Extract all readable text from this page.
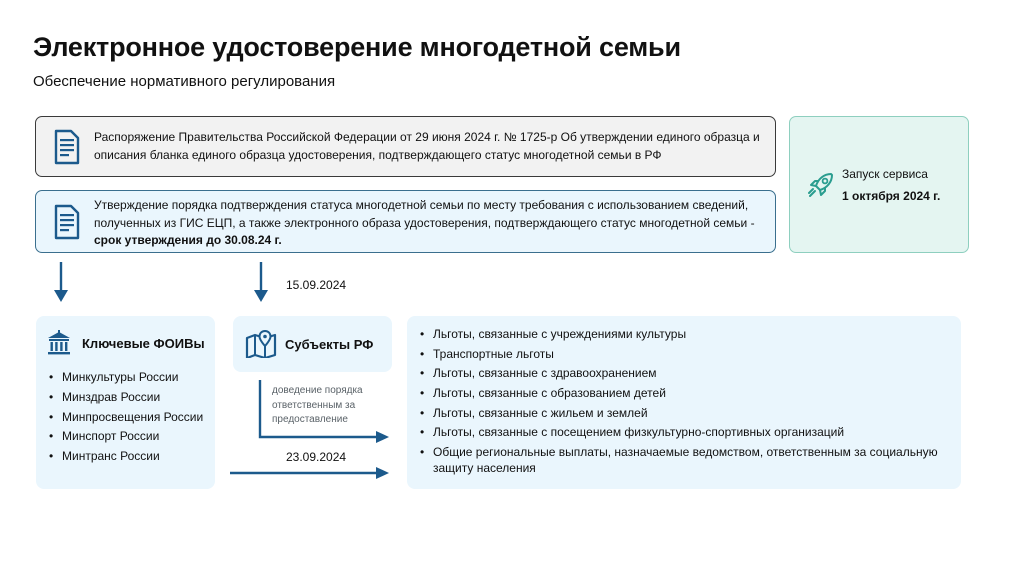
Электронное удостоверение многодетной семьи
Обеспечение нормативного регулирования
Распоряжение Правительства Российской Федерации от 29 июня 2024 г. № 1725-р Об утверждении единого образца и описания бланка единого образца удостоверения, подтверждающего статус многодетной семьи в РФ
Утверждение порядка подтверждения статуса многодетной семьи по месту требования с использованием сведений, полученных из ГИС ЕЦП, а также электронного образа удостоверения, подтверждающего статус многодетной семьи - срок утверждения до 30.08.24 г.
Запуск сервиса
1 октября 2024 г.
15.09.2024
Ключевые ФОИВы
• Минкультуры России
• Минздрав России
• Минпросвещения России
• Минспорт России
• Минтранс России
Субъекты РФ
доведение порядка ответственным за предоставление
23.09.2024
• Льготы, связанные с учреждениями культуры
• Транспортные льготы
• Льготы, связанные с здравоохранением
• Льготы, связанные с образованием детей
• Льготы, связанные с жильем и землей
• Льготы, связанные с посещением физкультурно-спортивных организаций
• Общие региональные выплаты, назначаемые ведомством, ответственным за социальную защиту населения
